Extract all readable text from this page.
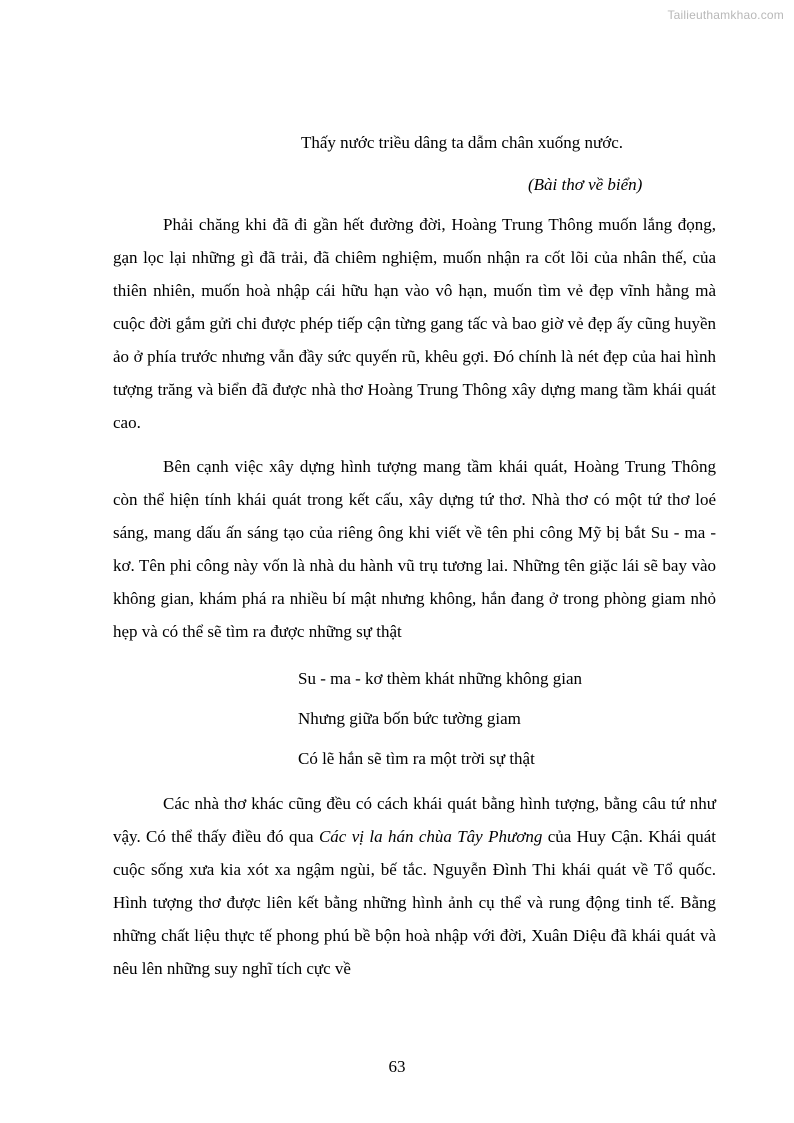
Tailieuthamkhao.com

Thấy nước triều dâng ta dẫm chân xuống nước.

(Bài thơ về biển)

Phải chăng khi đã đi gần hết đường đời, Hoàng Trung Thông muốn lắng đọng, gạn lọc lại những gì đã trải, đã chiêm nghiệm, muốn nhận ra cốt lõi của nhân thế, của thiên nhiên, muốn hoà nhập cái hữu hạn vào vô hạn, muốn tìm vẻ đẹp vĩnh hằng mà cuộc đời gắm gửi chi được phép tiếp cận từng gang tấc và bao giờ vẻ đẹp ấy cũng huyền ảo ở phía trước nhưng vẫn đầy sức quyến rũ, khêu gợi. Đó chính là nét đẹp của hai hình tượng trăng và biển đã được nhà thơ Hoàng Trung Thông xây dựng mang tầm khái quát cao.

Bên cạnh việc xây dựng hình tượng mang tầm khái quát, Hoàng Trung Thông còn thể hiện tính khái quát trong kết cấu, xây dựng tứ thơ. Nhà thơ có một tứ thơ loé sáng, mang dấu ấn sáng tạo của riêng ông khi viết về tên phi công Mỹ bị bắt Su - ma - kơ. Tên phi công này vốn là nhà du hành vũ trụ tương lai. Những tên giặc lái sẽ bay vào không gian, khám phá ra nhiều bí mật nhưng không, hắn đang ở trong phòng giam nhỏ hẹp và có thể sẽ tìm ra được những sự thật

Su - ma - kơ thèm khát những không gian

Nhưng giữa bốn bức tường giam

Có lẽ hắn sẽ tìm ra một trời sự thật

Các nhà thơ khác cũng đều có cách khái quát bằng hình tượng, bằng câu tứ như vậy. Có thể thấy điều đó qua Các vị la hán chùa Tây Phương của Huy Cận. Khái quát cuộc sống xưa kia xót xa ngậm ngùi, bế tắc. Nguyễn Đình Thi khái quát về Tổ quốc. Hình tượng thơ được liên kết bằng những hình ảnh cụ thể và rung động tinh tế. Bằng những chất liệu thực tế phong phú bề bộn hoà nhập với đời, Xuân Diệu đã khái quát và nêu lên những suy nghĩ tích cực về

63
